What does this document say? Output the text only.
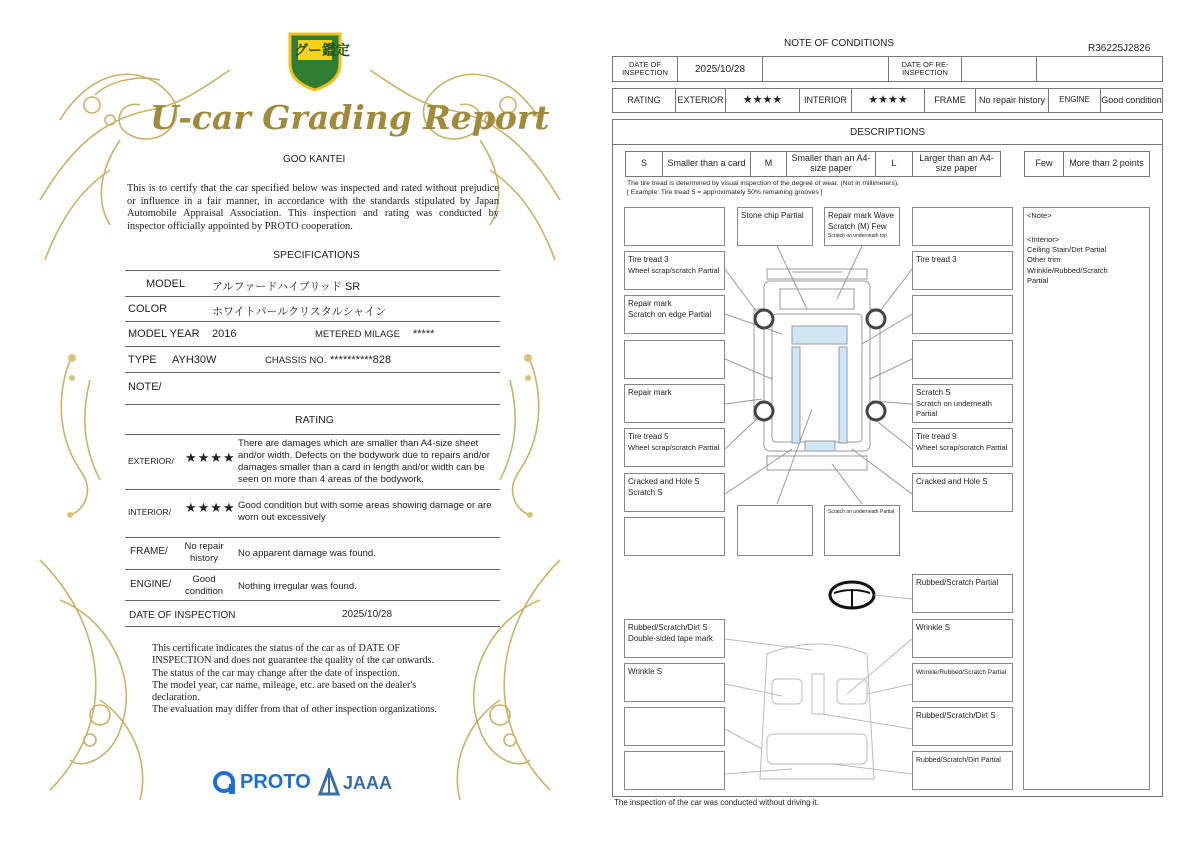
グー鑑定
U-car Grading Report
GOO KANTEI
This is to certify that the car specified below was inspected and rated without prejudice or influence in a fair manner, in accordance with the standards stipulated by Japan Automobile Appraisal Association. This inspection and rating was conducted by inspector officially appointed by PROTO cooperation.
SPECIFICATIONS
MODEL アルファードハイブリッド SR
COLOR	ホワイトパールクリスタルシャイン
MODEL YEAR 2016	METERED MILAGE *****
TYPE AYH30W	CHASSIS NO. **********828
NOTE/
RATING
EXTERIOR/ ★★★★
There are damages which are smaller than A4-size sheet and/or width. Defects on the bodywork due to repairs and/or damages smaller than a card in length and/or width can be seen on more than 4 areas of the bodywork.
INTERIOR/ ★★★★ Good condition but with some areas showing damage or are worn out excessively
FRAME/	No repair history	No apparent damage was found.
ENGINE/	Good condition	Nothing irregular was found.
DATE OF INSPECTION	2025/10/28
This certificate indicates the status of the car as of DATE OF
INSPECTION and does not guarantee the quality of the car onwards.
The status of the car may change after the date of inspection.
The model year, car name, mileage, etc. are based on the dealer's
declaration.
The evaluation may differ from that of other inspection organizations.
PROTO JAAA
NOTE OF CONDITIONS	R36225J2826
DATE OF INSPECTION	2025/10/28	DATE OF RE-INSPECTION
RATING	EXTERIOR	★★★★	INTERIOR	★★★★	FRAME	No repair history	ENGINE	Good condition
DESCRIPTIONS
S	Smaller than a card	M	Smaller than an A4-size paper	L	Larger than an A4-size paper	Few	More than 2 points
The tire tread is determined by visual inspection of the degree of wear. (Not in millimeters).
[ Example: Tire tread 5 = approximately 50% remaining grooves ]
Stone chip Partial	Repair mark Wave Scratch (M) Few
Scratch on underneath top
Tire tread 3
Wheel scrap/scratch Partial
Repair mark
Scratch on edge Partial
Repair mark
Tire tread 5
Wheel scrap/scratch Partial
Cracked and Hole S
Scratch S
Tire tread 3
Scratch S
Scratch on underneath Partial
Tire tread 9
Wheel scrap/scratch Partial
Cracked and Hole S
Scratch on underneath Partial
Rubbed/Scratch Partial
Rubbed/Scratch/Dirt S
Double-sided tape mark
Wrinkle S
Wrinkle S	Wrinkle/Rubbed/Scratch Partial
Rubbed/Scratch/Dirt S
Rubbed/Scratch/Dirt Partial
<Note>
<Interior>
Ceiling Stain/Dirt Partial
Other trim
Wrinkle/Rubbed/Scratch
Partial
The inspection of the car was conducted without driving it.
